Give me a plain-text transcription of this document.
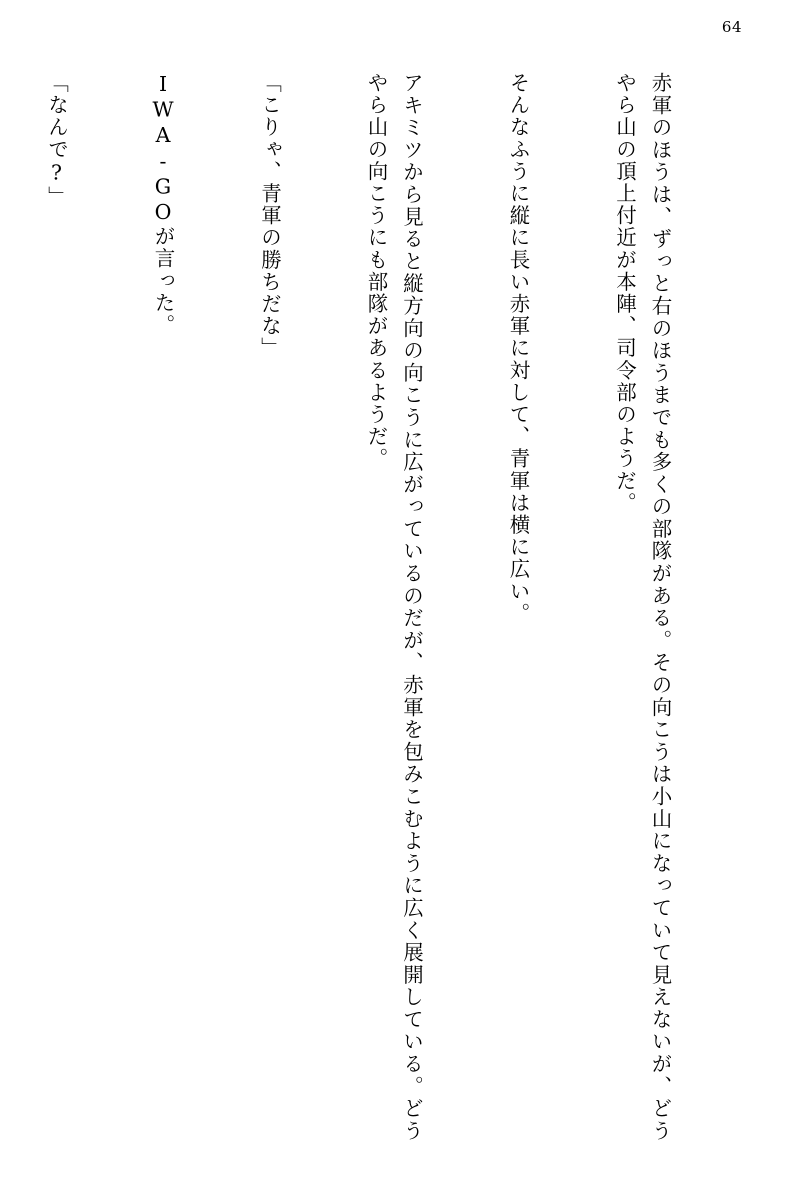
64

赤軍のほうは、ずっと右のほうまでも多くの部隊がある。その向こうは小山になっていて見えないが、どうやら山の頂上付近が本陣、司令部のようだ。

そんなふうに縦に長い赤軍に対して、青軍は横に広い。

アキミツから見ると縦方向の向こうに広がっているのだが、赤軍を包みこむように広く展開している。どうやら山の向こうにも部隊があるようだ。

「こりゃ、青軍の勝ちだな」

IWA‐GOが言った。

「なんで?」
